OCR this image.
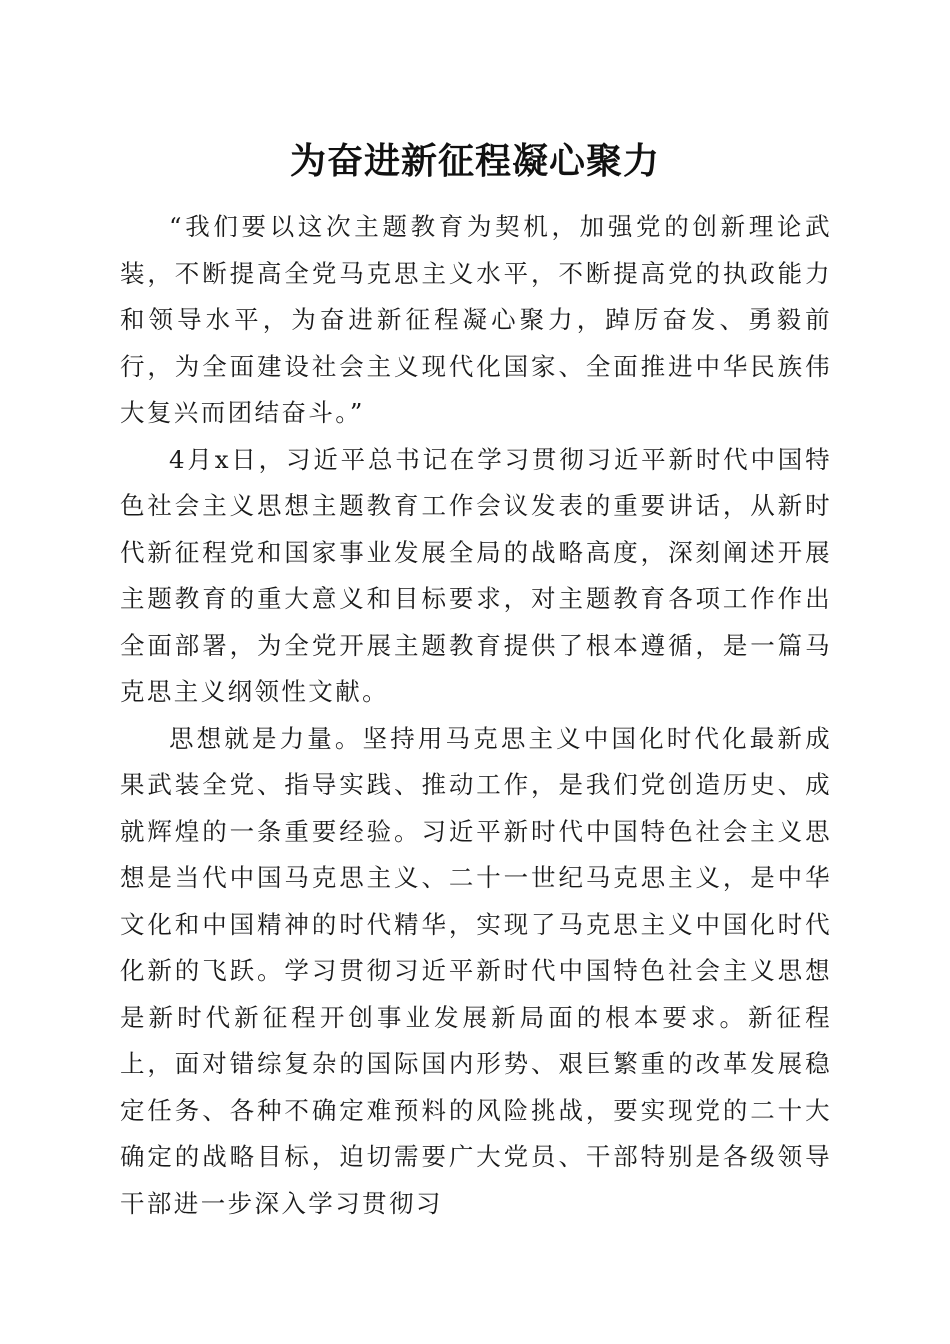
为奋进新征程凝心聚力

“我们要以这次主题教育为契机，加强党的创新理论武装，不断提高全党马克思主义水平，不断提高党的执政能力和领导水平，为奋进新征程凝心聚力，踔厉奋发、勇毅前行，为全面建设社会主义现代化国家、全面推进中华民族伟大复兴而团结奋斗。”

4月x日，习近平总书记在学习贯彻习近平新时代中国特色社会主义思想主题教育工作会议发表的重要讲话，从新时代新征程党和国家事业发展全局的战略高度，深刻阐述开展主题教育的重大意义和目标要求，对主题教育各项工作作出全面部署，为全党开展主题教育提供了根本遵循，是一篇马克思主义纲领性文献。

思想就是力量。坚持用马克思主义中国化时代化最新成果武装全党、指导实践、推动工作，是我们党创造历史、成就辉煌的一条重要经验。习近平新时代中国特色社会主义思想是当代中国马克思主义、二十一世纪马克思主义，是中华文化和中国精神的时代精华，实现了马克思主义中国化时代化新的飞跃。学习贯彻习近平新时代中国特色社会主义思想是新时代新征程开创事业发展新局面的根本要求。新征程上，面对错综复杂的国际国内形势、艰巨繁重的改革发展稳定任务、各种不确定难预料的风险挑战，要实现党的二十大确定的战略目标，迫切需要广大党员、干部特别是各级领导干部进一步深入学习贯彻习
